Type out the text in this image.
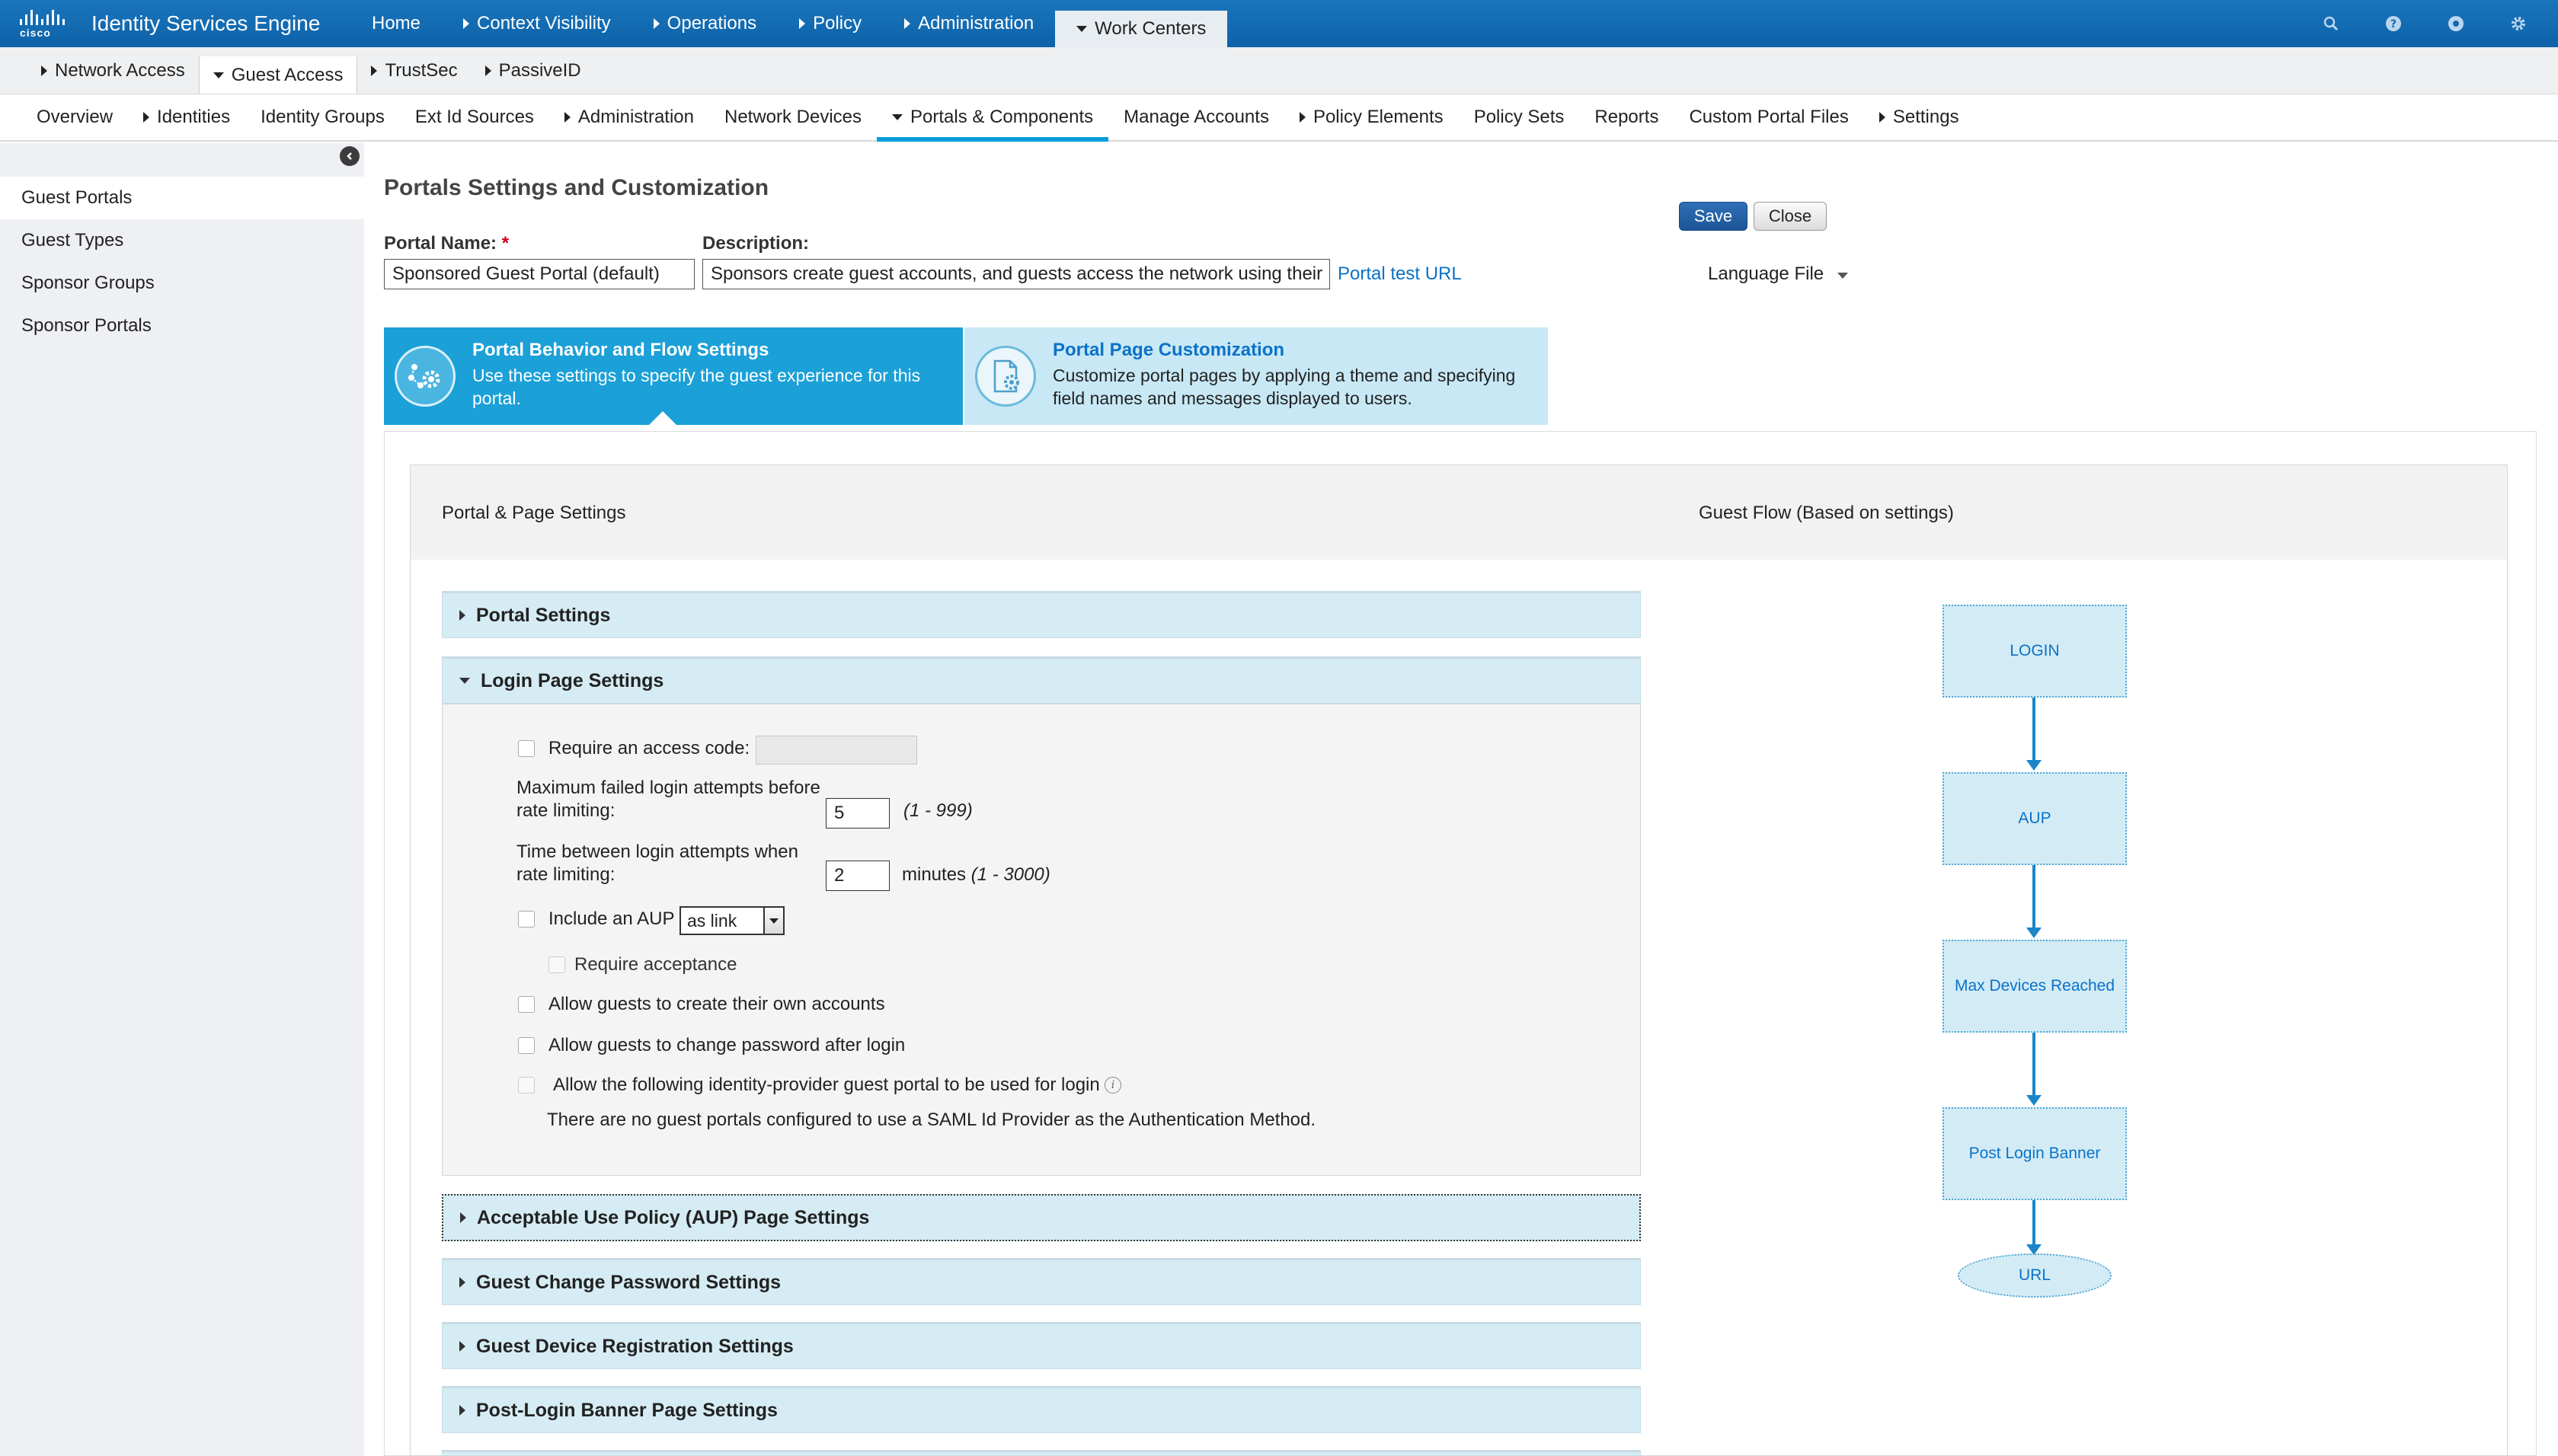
cisco	Identity Services Engine	Home	Context Visibility	Operations	Policy	Administration	Work Centers	?
Network Access	Guest Access TrustSec PassiveID
Overview Identities Identity Groups Ext Id Sources Administration Network Devices	Portals & Components Manage Accounts Policy Elements Policy Sets Reports Custom Portal Files Settings
Guest Portals
Guest Types
Sponsor Groups
Sponsor Portals
Portals Settings and Customization
Save	Close
Portal Name: *
Sponsored Guest Portal (default)
Description:
Sponsors create guest accounts, and guests access the network using their Portal test URL	Language File
Portal Behavior and Flow Settings
Use these settings to specify the guest experience for this
portal.
Portal Page Customization
Customize portal pages by applying a theme and specifying
field names and messages displayed to users.
Portal & Page Settings	Guest Flow (Based on settings)
Portal Settings
Login Page Settings
Require an access code:
Maximum failed login attempts before
rate limiting:	5	(1 - 999)
Time between login attempts when
rate limiting:	2	minutes (1 - 3000)
Include an AUP as link
Require acceptance
Allow guests to create their own accounts
Allow guests to change password after login
Allow the following identity-provider guest portal to be used for login	i
There are no guest portals configured to use a SAML Id Provider as the Authentication Method.
Acceptable Use Policy (AUP) Page Settings
Guest Change Password Settings
Guest Device Registration Settings
Post-Login Banner Page Settings
LOGIN
AUP
Max Devices Reached
Post Login Banner
URL
